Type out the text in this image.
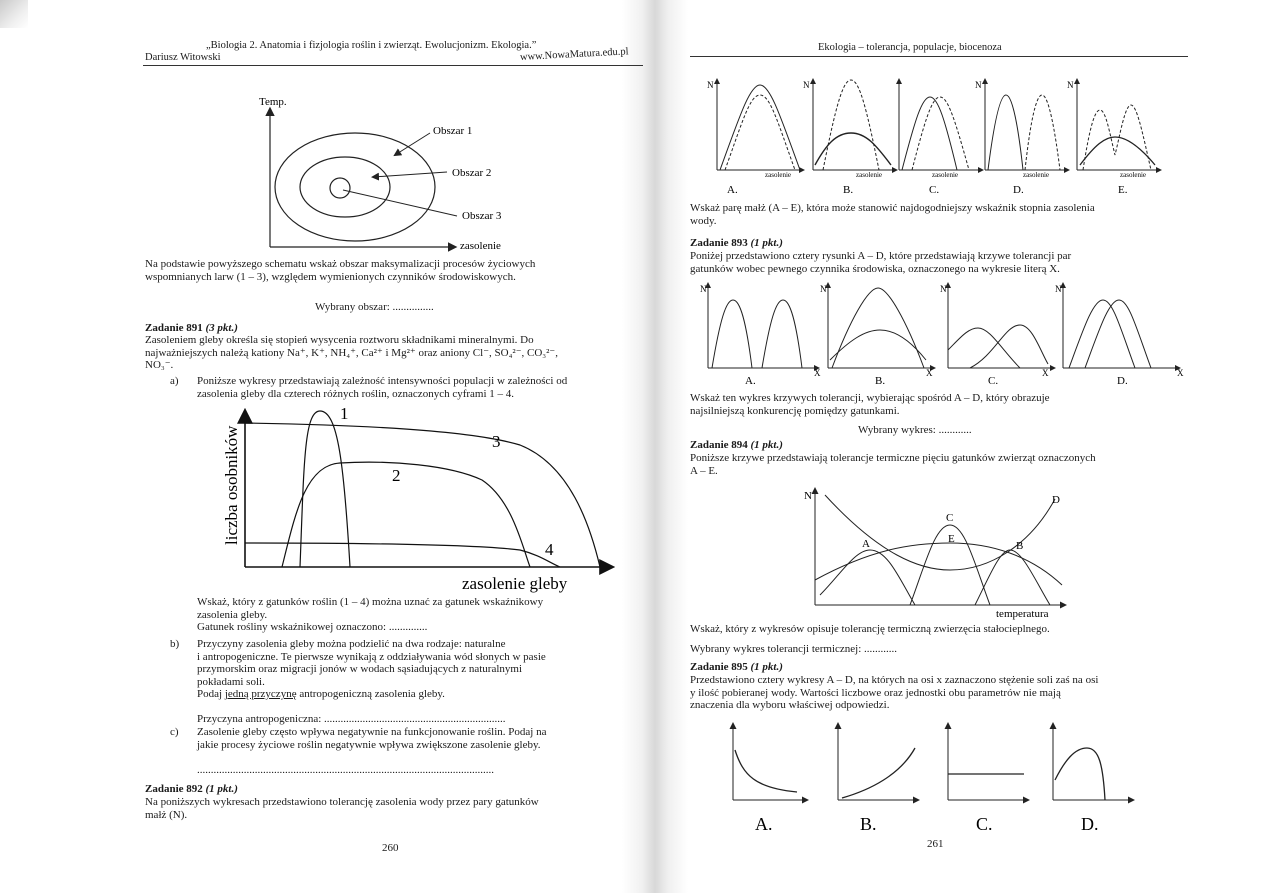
„Biologia 2. Anatomia i fizjologia roślin i zwierząt. Ewolucjonizm. Ekologia.”
Dariusz Witowski	www.NowaMatura.edu.pl
Temp.
zasolenie
Obszar 1
Obszar 2
Obszar 3
Na podstawie powyższego schematu wskaż obszar maksymalizacji procesów życiowych
wspomnianych larw (1 – 3), względem wymienionych czynników środowiskowych.
Wybrany obszar: ...............
Zadanie 891 (3 pkt.)
Zasoleniem gleby określa się stopień wysycenia roztworu składnikami mineralnymi. Do
najważniejszych należą kationy Na⁺, K⁺, NH₄⁺, Ca²⁺ i Mg²⁺ oraz aniony Cl⁻, SO₄²⁻, CO₃²⁻,
NO₃⁻.
a) Poniższe wykresy przedstawiają zależność intensywności populacji w zależności od
zasolenia gleby dla czterech różnych roślin, oznaczonych cyframi 1 – 4.
liczba osobników
zasolenie gleby
1
2
3
4
Wskaż, który z gatunków roślin (1 – 4) można uznać za gatunek wskaźnikowy
zasolenia gleby.
Gatunek rośliny wskaźnikowej oznaczono: ..............
b) Przyczyny zasolenia gleby można podzielić na dwa rodzaje: naturalne
i antropogeniczne. Te pierwsze wynikają z oddziaływania wód słonych w pasie
przymorskim oraz migracji jonów w wodach sąsiadujących z naturalnymi
pokładami soli.
Podaj jedną przyczynę antropogeniczną zasolenia gleby.
Przyczyna antropogeniczna: ..................................................................
c) Zasolenie gleby często wpływa negatywnie na funkcjonowanie roślin. Podaj na
jakie procesy życiowe roślin negatywnie wpływa zwiększone zasolenie gleby.
............................................................................................................
Zadanie 892 (1 pkt.)
Na poniższych wykresach przedstawiono tolerancję zasolenia wody przez pary gatunków
małż (N).
260
Ekologia – tolerancja, populacje, biocenoza
N
zasolenie
A.
N
zasolenie
B.
zasolenie
C.
N
zasolenie
D.
N
zasolenie
E.
Wskaż parę małż (A – E), która może stanowić najdogodniejszy wskaźnik stopnia zasolenia
wody.
Zadanie 893 (1 pkt.)
Poniżej przedstawiono cztery rysunki A – D, które przedstawiają krzywe tolerancji par
gatunków wobec pewnego czynnika środowiska, oznaczonego na wykresie literą X.
N
X
A.
N
X
B.
N
X
C.
N
X
D.
Wskaż ten wykres krzywych tolerancji, wybierając spośród A – D, który obrazuje
najsilniejszą konkurencję pomiędzy gatunkami.
Wybrany wykres: ............
Zadanie 894 (1 pkt.)
Poniższe krzywe przedstawiają tolerancje termiczne pięciu gatunków zwierząt oznaczonych
A – E.
N
temperatura
A	B
C
D
E
Wskaż, który z wykresów opisuje tolerancję termiczną zwierzęcia stałocieplnego.
Wybrany wykres tolerancji termicznej: ............
Zadanie 895 (1 pkt.)
Przedstawiono cztery wykresy A – D, na których na osi x zaznaczono stężenie soli zaś na osi
y ilość pobieranej wody. Wartości liczbowe oraz jednostki obu parametrów nie mają
znaczenia dla wyboru właściwej odpowiedzi.
A.	B.	C.	D.
261
